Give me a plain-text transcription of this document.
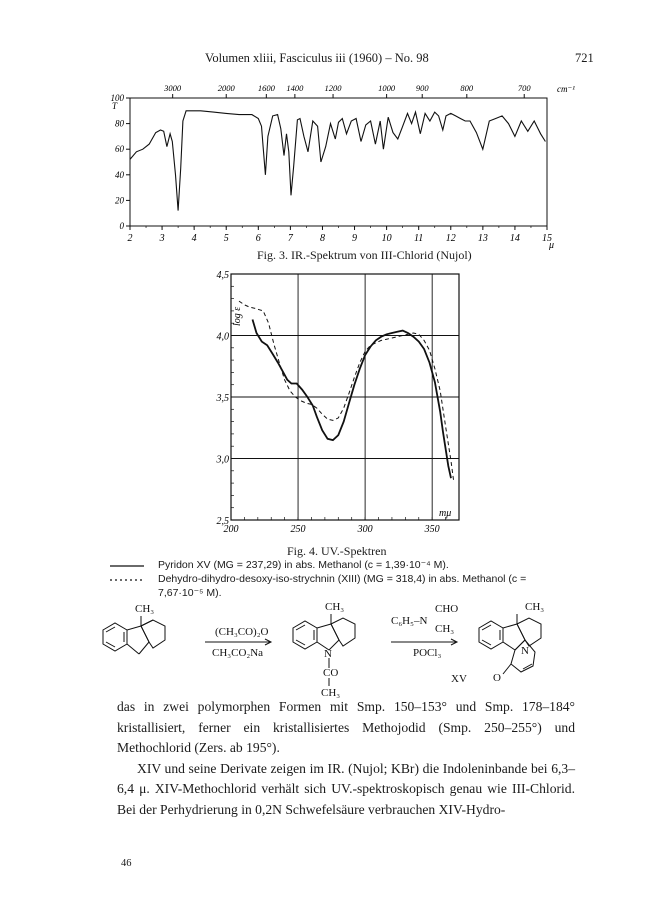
Volumen xliii, Fasciculus iii (1960) – No. 98	721
T
cm⁻¹
μ
0
20
40
60
80
100
2	3	4	5	6	7	8	9 10 11 12 13 14 15
3000	2000	1600 1400 1200	1000 900	800	700
Fig. 3. IR.-Spektrum von III-Chlorid (Nujol)
2,5
3,0
3,5
4,0
4,5
200	250	300	350
log ε
mμ
Fig. 4. UV.-Spektren
Pyridon XV (MG = 237,29) in abs. Methanol (c = 1,39·10⁻⁴ M).
Dehydro-dihydro-desoxy-iso-strychnin (XIII) (MG = 318,4) in abs. Methanol (c =
7,67·10⁻⁵ M).
CH₃
(CH₃CO)₂O
CH₃CO₂Na
CH₃
N
CO
CH₃
C₆H₅–N
CHO
CH₃
POCl₃
CH₃
N
O
XV

das in zwei polymorphen Formen mit Smp. 150–153° und Smp. 178–184° kristallisiert, ferner ein kristallisiertes Methojodid (Smp. 250–255°) und Methochlorid (Zers. ab 195°).

XIV und seine Derivate zeigen im IR. (Nujol; KBr) die Indoleninbande bei 6,3–6,4 μ. XIV-Methochlorid verhält sich UV.-spektroskopisch genau wie III-Chlorid. Bei der Perhydrierung in 0,2N Schwefelsäure verbrauchen XIV-Hydro-

46
